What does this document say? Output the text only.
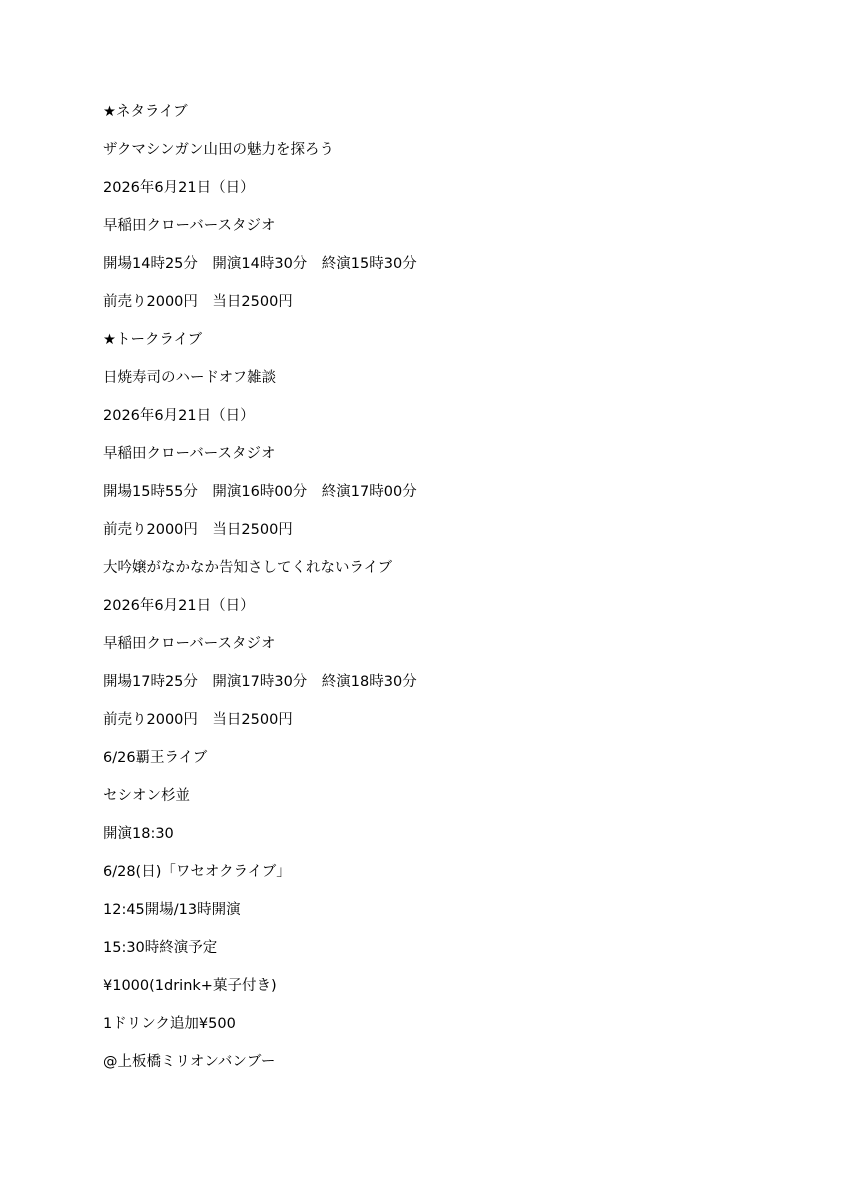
★ネタライブ
ザクマシンガン山田の魅力を探ろう
2026年6月21日（日）
早稲田クローバースタジオ
開場14時25分　開演14時30分　終演15時30分
前売り2000円　当日2500円
★トークライブ
日焼寿司のハードオフ雑談
2026年6月21日（日）
早稲田クローバースタジオ
開場15時55分　開演16時00分　終演17時00分
前売り2000円　当日2500円
大吟嬢がなかなか告知さしてくれないライブ
2026年6月21日（日）
早稲田クローバースタジオ
開場17時25分　開演17時30分　終演18時30分
前売り2000円　当日2500円
6/26覇王ライブ
セシオン杉並
開演18:30
6/28(日)「ワセオクライブ」
12:45開場/13時開演
15:30時終演予定
¥1000(1drink+菓子付き)
1ドリンク追加¥500
@上板橋ミリオンバンブー
